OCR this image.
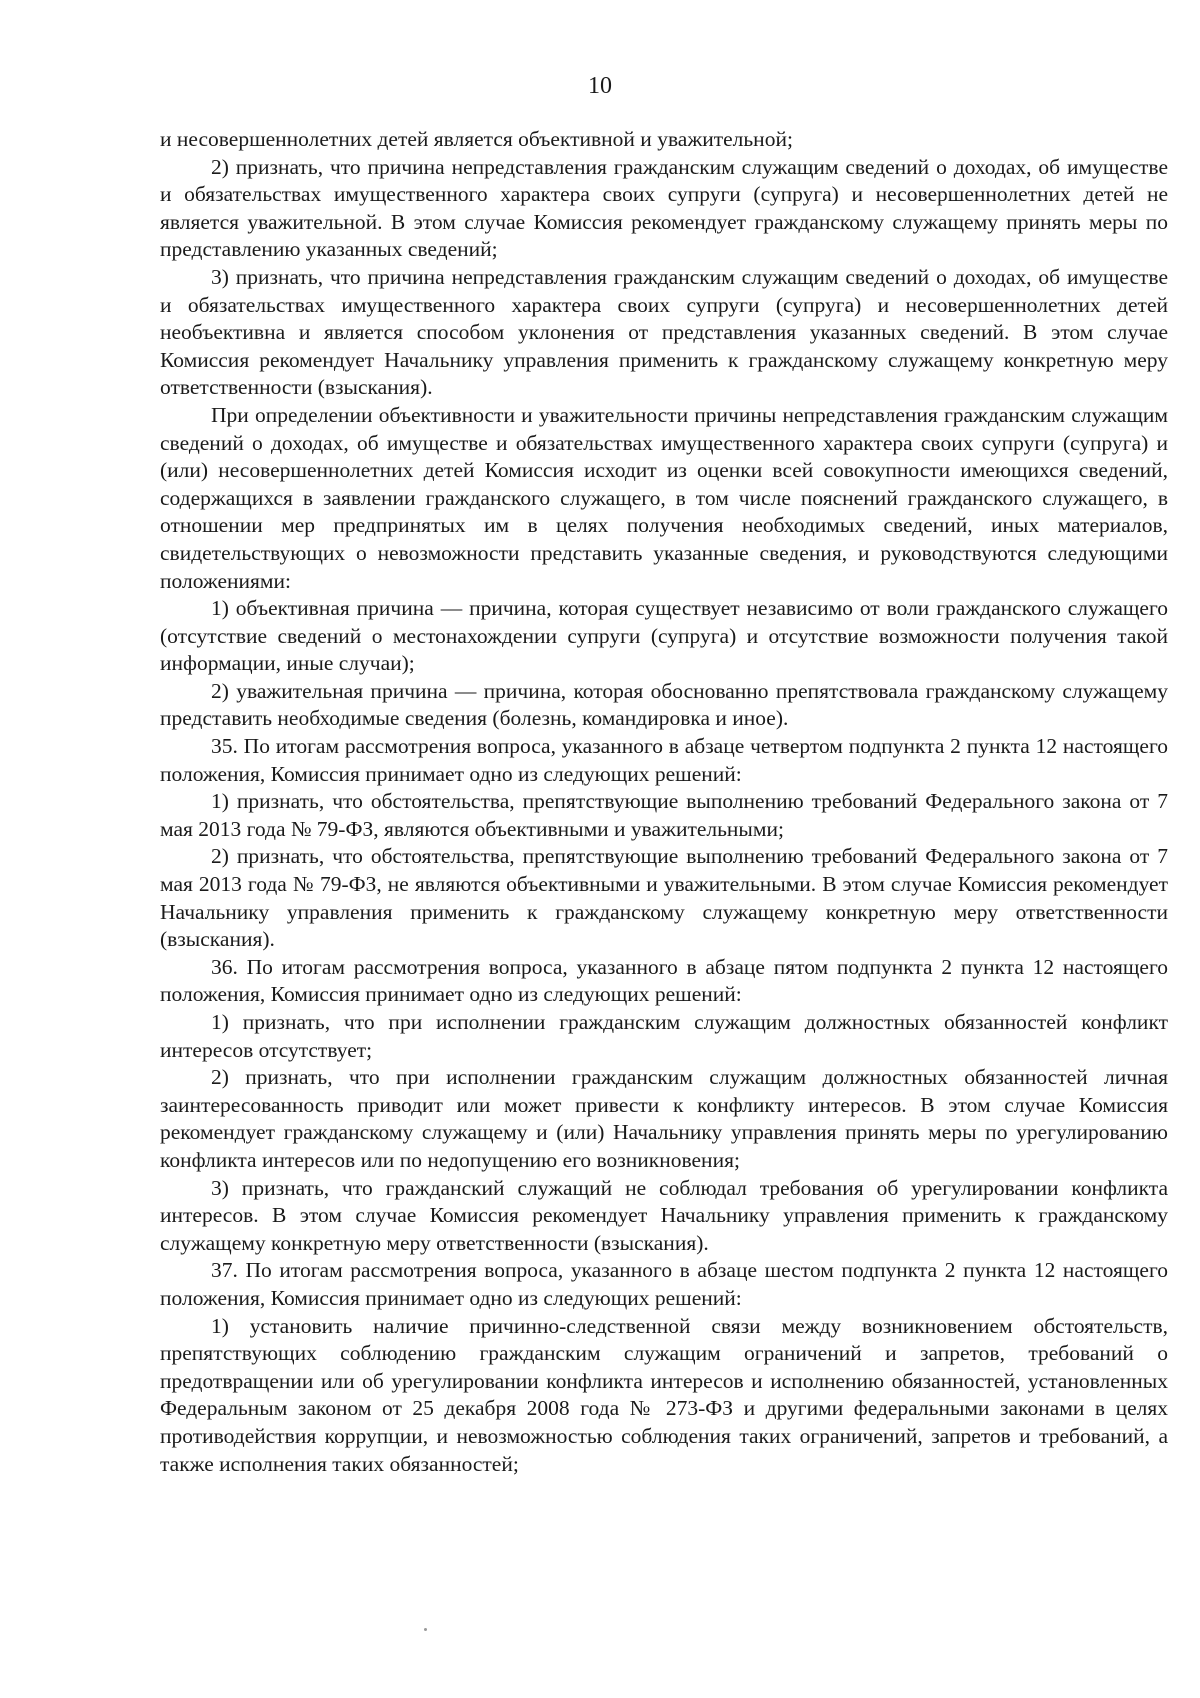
10

и несовершеннолетних детей является объективной и уважительной;

2) признать, что причина непредставления гражданским служащим сведений о доходах, об имуществе и обязательствах имущественного характера своих супруги (супруга) и несовершеннолетних детей не является уважительной. В этом случае Комиссия рекомендует гражданскому служащему принять меры по представлению указанных сведений;

3) признать, что причина непредставления гражданским служащим сведений о доходах, об имуществе и обязательствах имущественного характера своих супруги (супруга) и несовершеннолетних детей необъективна и является способом уклонения от представления указанных сведений. В этом случае Комиссия рекомендует Начальнику управления применить к гражданскому служащему конкретную меру ответственности (взыскания).

При определении объективности и уважительности причины непредставления гражданским служащим сведений о доходах, об имуществе и обязательствах имущественного характера своих супруги (супруга) и (или) несовершеннолетних детей Комиссия исходит из оценки всей совокупности имеющихся сведений, содержащихся в заявлении гражданского служащего, в том числе пояснений гражданского служащего, в отношении мер предпринятых им в целях получения необходимых сведений, иных материалов, свидетельствующих о невозможности представить указанные сведения, и руководствуются следующими положениями:

1) объективная причина — причина, которая существует независимо от воли гражданского служащего (отсутствие сведений о местонахождении супруги (супруга) и отсутствие возможности получения такой информации, иные случаи);

2) уважительная причина — причина, которая обоснованно препятствовала гражданскому служащему представить необходимые сведения (болезнь, командировка и иное).

35. По итогам рассмотрения вопроса, указанного в абзаце четвертом подпункта 2 пункта 12 настоящего положения, Комиссия принимает одно из следующих решений:

1) признать, что обстоятельства, препятствующие выполнению требований Федерального закона от 7 мая 2013 года № 79-ФЗ, являются объективными и уважительными;

2) признать, что обстоятельства, препятствующие выполнению требований Федерального закона от 7 мая 2013 года № 79-ФЗ, не являются объективными и уважительными. В этом случае Комиссия рекомендует Начальнику управления применить к гражданскому служащему конкретную меру ответственности (взыскания).

36. По итогам рассмотрения вопроса, указанного в абзаце пятом подпункта 2 пункта 12 настоящего положения, Комиссия принимает одно из следующих решений:

1) признать, что при исполнении гражданским служащим должностных обязанностей конфликт интересов отсутствует;

2) признать, что при исполнении гражданским служащим должностных обязанностей личная заинтересованность приводит или может привести к конфликту интересов. В этом случае Комиссия рекомендует гражданскому служащему и (или) Начальнику управления принять меры по урегулированию конфликта интересов или по недопущению его возникновения;

3) признать, что гражданский служащий не соблюдал требования об урегулировании конфликта интересов. В этом случае Комиссия рекомендует Начальнику управления применить к гражданскому служащему конкретную меру ответственности (взыскания).

37. По итогам рассмотрения вопроса, указанного в абзаце шестом подпункта 2 пункта 12 настоящего положения, Комиссия принимает одно из следующих решений:

1) установить наличие причинно-следственной связи между возникновением обстоятельств, препятствующих соблюдению гражданским служащим ограничений и запретов, требований о предотвращении или об урегулировании конфликта интересов и исполнению обязанностей, установленных Федеральным законом от 25 декабря 2008 года № 273-ФЗ и другими федеральными законами в целях противодействия коррупции, и невозможностью соблюдения таких ограничений, запретов и требований, а также исполнения таких обязанностей;
